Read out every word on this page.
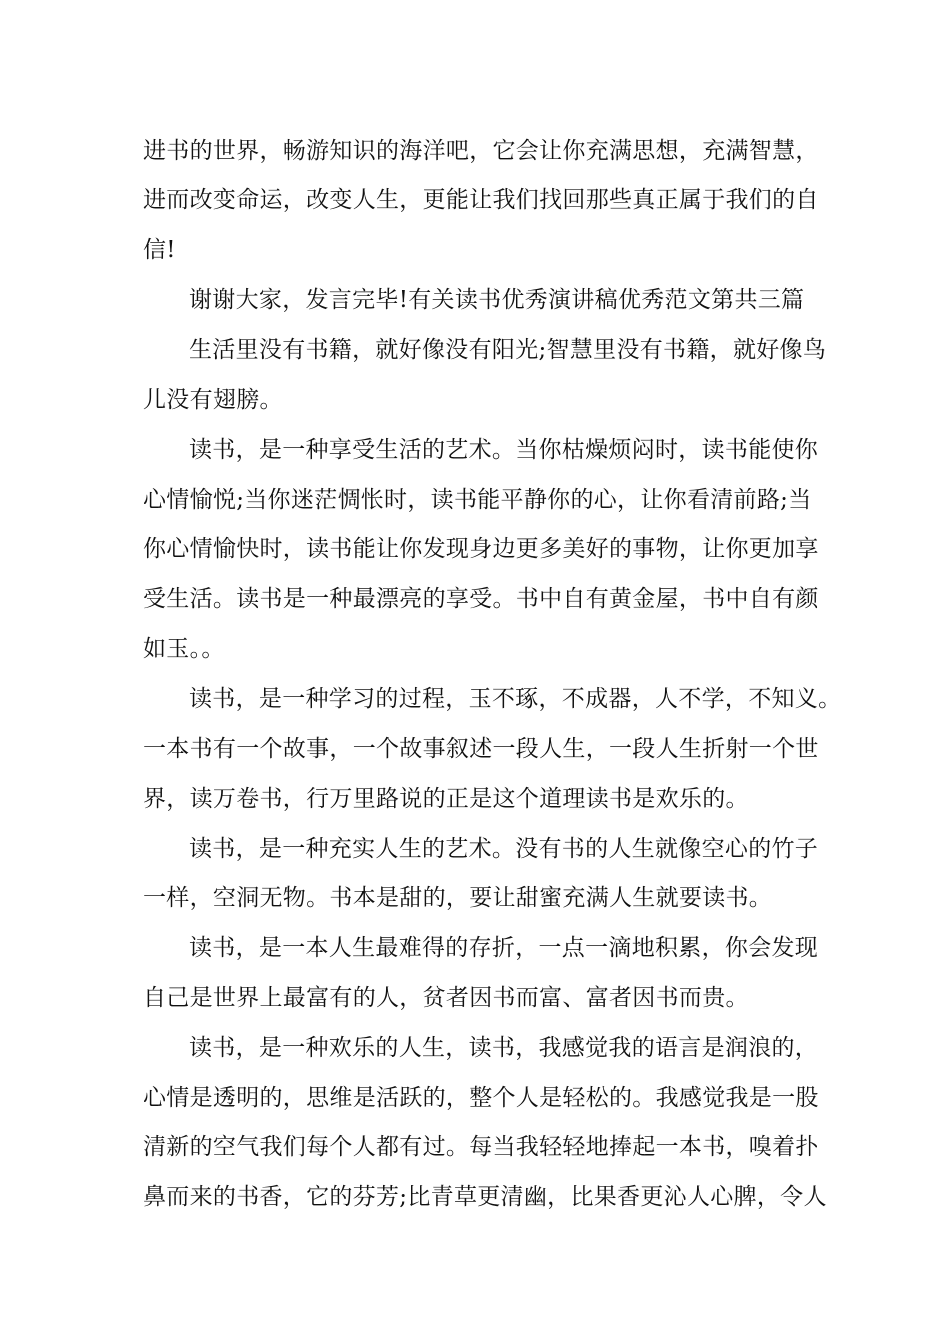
进书的世界，畅游知识的海洋吧，它会让你充满思想，充满智慧，
进而改变命运，改变人生，更能让我们找回那些真正属于我们的自
信!
谢谢大家，发言完毕!有关读书优秀演讲稿优秀范文第共三篇
生活里没有书籍，就好像没有阳光;智慧里没有书籍，就好像鸟
儿没有翅膀。
读书，是一种享受生活的艺术。当你枯燥烦闷时，读书能使你
心情愉悦;当你迷茫惆怅时，读书能平静你的心，让你看清前路;当
你心情愉快时，读书能让你发现身边更多美好的事物，让你更加享
受生活。读书是一种最漂亮的享受。书中自有黄金屋，书中自有颜
如玉。。
读书，是一种学习的过程，玉不琢，不成器，人不学，不知义。
一本书有一个故事，一个故事叙述一段人生，一段人生折射一个世
界，读万卷书，行万里路说的正是这个道理读书是欢乐的。
读书，是一种充实人生的艺术。没有书的人生就像空心的竹子
一样，空洞无物。书本是甜的，要让甜蜜充满人生就要读书。
读书，是一本人生最难得的存折，一点一滴地积累，你会发现
自己是世界上最富有的人，贫者因书而富、富者因书而贵。
读书，是一种欢乐的人生，读书，我感觉我的语言是润浪的，
心情是透明的，思维是活跃的，整个人是轻松的。我感觉我是一股
清新的空气我们每个人都有过。每当我轻轻地捧起一本书，嗅着扑
鼻而来的书香，它的芬芳;比青草更清幽，比果香更沁人心脾，令人
